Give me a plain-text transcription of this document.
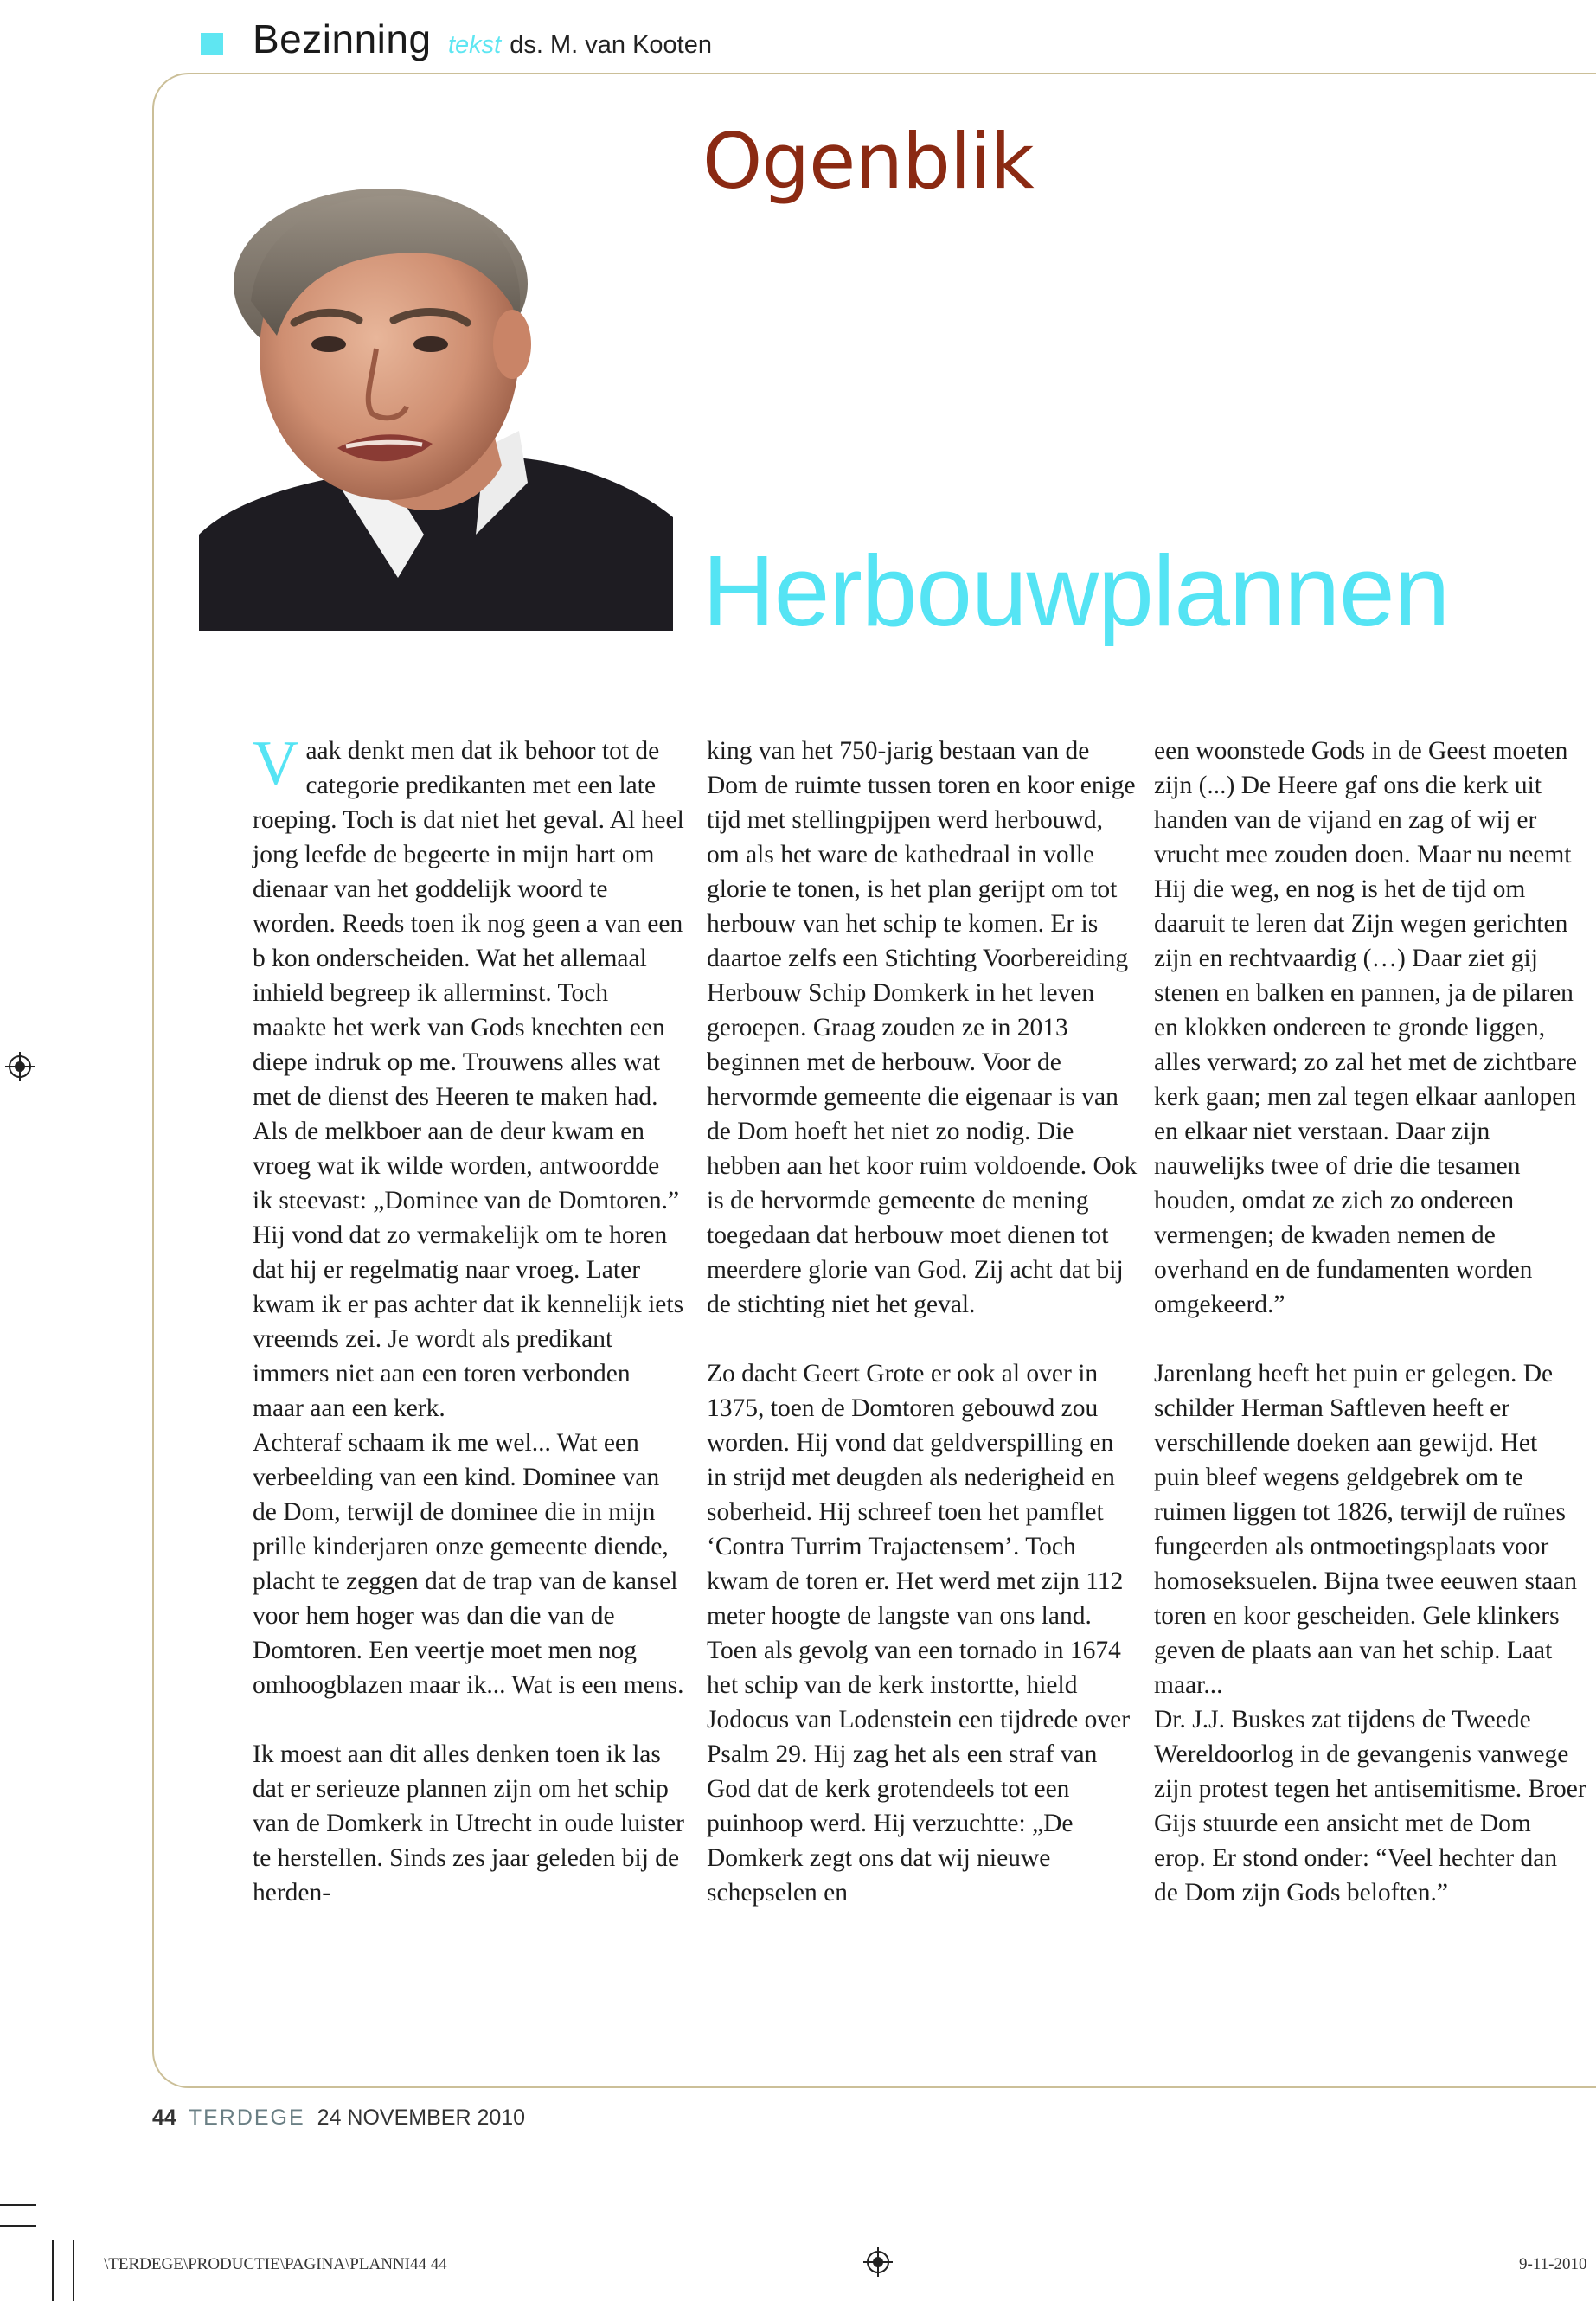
Bezinning tekst ds. M. van Kooten
Ogenblik
Herbouwplannen

Vaak denkt men dat ik behoor tot de categorie predikanten met een late roeping. Toch is dat niet het geval. Al heel jong leefde de begeerte in mijn hart om dienaar van het goddelijk woord te worden. Reeds toen ik nog geen a van een b kon onderscheiden. Wat het allemaal inhield begreep ik allerminst. Toch maakte het werk van Gods knechten een diepe indruk op me. Trouwens alles wat met de dienst des Heeren te maken had.

Als de melkboer aan de deur kwam en vroeg wat ik wilde worden, antwoordde ik steevast: „Dominee van de Domtoren.” Hij vond dat zo vermakelijk om te horen dat hij er regelmatig naar vroeg. Later kwam ik er pas achter dat ik kennelijk iets vreemds zei. Je wordt als predikant immers niet aan een toren verbonden maar aan een kerk.

Achteraf schaam ik me wel... Wat een verbeelding van een kind. Dominee van de Dom, terwijl de dominee die in mijn prille kinderjaren onze gemeente diende, placht te zeggen dat de trap van de kansel voor hem hoger was dan die van de Domtoren. Een veertje moet men nog omhoogblazen maar ik... Wat is een mens.

Ik moest aan dit alles denken toen ik las dat er serieuze plannen zijn om het schip van de Domkerk in Utrecht in oude luister te herstellen. Sinds zes jaar geleden bij de herden-

king van het 750-jarig bestaan van de Dom de ruimte tussen toren en koor enige tijd met stellingpijpen werd herbouwd, om als het ware de kathedraal in volle glorie te tonen, is het plan gerijpt om tot herbouw van het schip te komen. Er is daartoe zelfs een Stichting Voorbereiding Herbouw Schip Domkerk in het leven geroepen. Graag zouden ze in 2013 beginnen met de herbouw. Voor de hervormde gemeente die eigenaar is van de Dom hoeft het niet zo nodig. Die hebben aan het koor ruim voldoende. Ook is de hervormde gemeente de mening toegedaan dat herbouw moet dienen tot meerdere glorie van God. Zij acht dat bij de stichting niet het geval.

Zo dacht Geert Grote er ook al over in 1375, toen de Domtoren gebouwd zou worden. Hij vond dat geldverspilling en in strijd met deugden als nederigheid en soberheid. Hij schreef toen het pamflet ‘Contra Turrim Trajactensem’. Toch kwam de toren er. Het werd met zijn 112 meter hoogte de langste van ons land.

Toen als gevolg van een tornado in 1674 het schip van de kerk instortte, hield Jodocus van Lodenstein een tijdrede over Psalm 29. Hij zag het als een straf van God dat de kerk grotendeels tot een puinhoop werd. Hij verzuchtte: „De Domkerk zegt ons dat wij nieuwe schepselen en

een woonstede Gods in de Geest moeten zijn (...) De Heere gaf ons die kerk uit handen van de vijand en zag of wij er vrucht mee zouden doen. Maar nu neemt Hij die weg, en nog is het de tijd om daaruit te leren dat Zijn wegen gerichten zijn en rechtvaardig (…) Daar ziet gij stenen en balken en pannen, ja de pilaren en klokken ondereen te gronde liggen, alles verward; zo zal het met de zichtbare kerk gaan; men zal tegen elkaar aanlopen en elkaar niet verstaan. Daar zijn nauwelijks twee of drie die tesamen houden, omdat ze zich zo ondereen vermengen; de kwaden nemen de overhand en de fundamenten worden omgekeerd.”

Jarenlang heeft het puin er gelegen. De schilder Herman Saftleven heeft er verschillende doeken aan gewijd. Het puin bleef wegens geldgebrek om te ruimen liggen tot 1826, terwijl de ruïnes fungeerden als ontmoetingsplaats voor homoseksuelen. Bijna twee eeuwen staan toren en koor gescheiden. Gele klinkers geven de plaats aan van het schip. Laat maar...

Dr. J.J. Buskes zat tijdens de Tweede Wereldoorlog in de gevangenis vanwege zijn protest tegen het antisemitisme. Broer Gijs stuurde een ansicht met de Dom erop. Er stond onder: “Veel hechter dan de Dom zijn Gods beloften.”

44 TERDEGE 24 NOVEMBER 2010
\TERDEGE\PRODUCTIE\PAGINA\PLANNI44 44	9-11-2010
